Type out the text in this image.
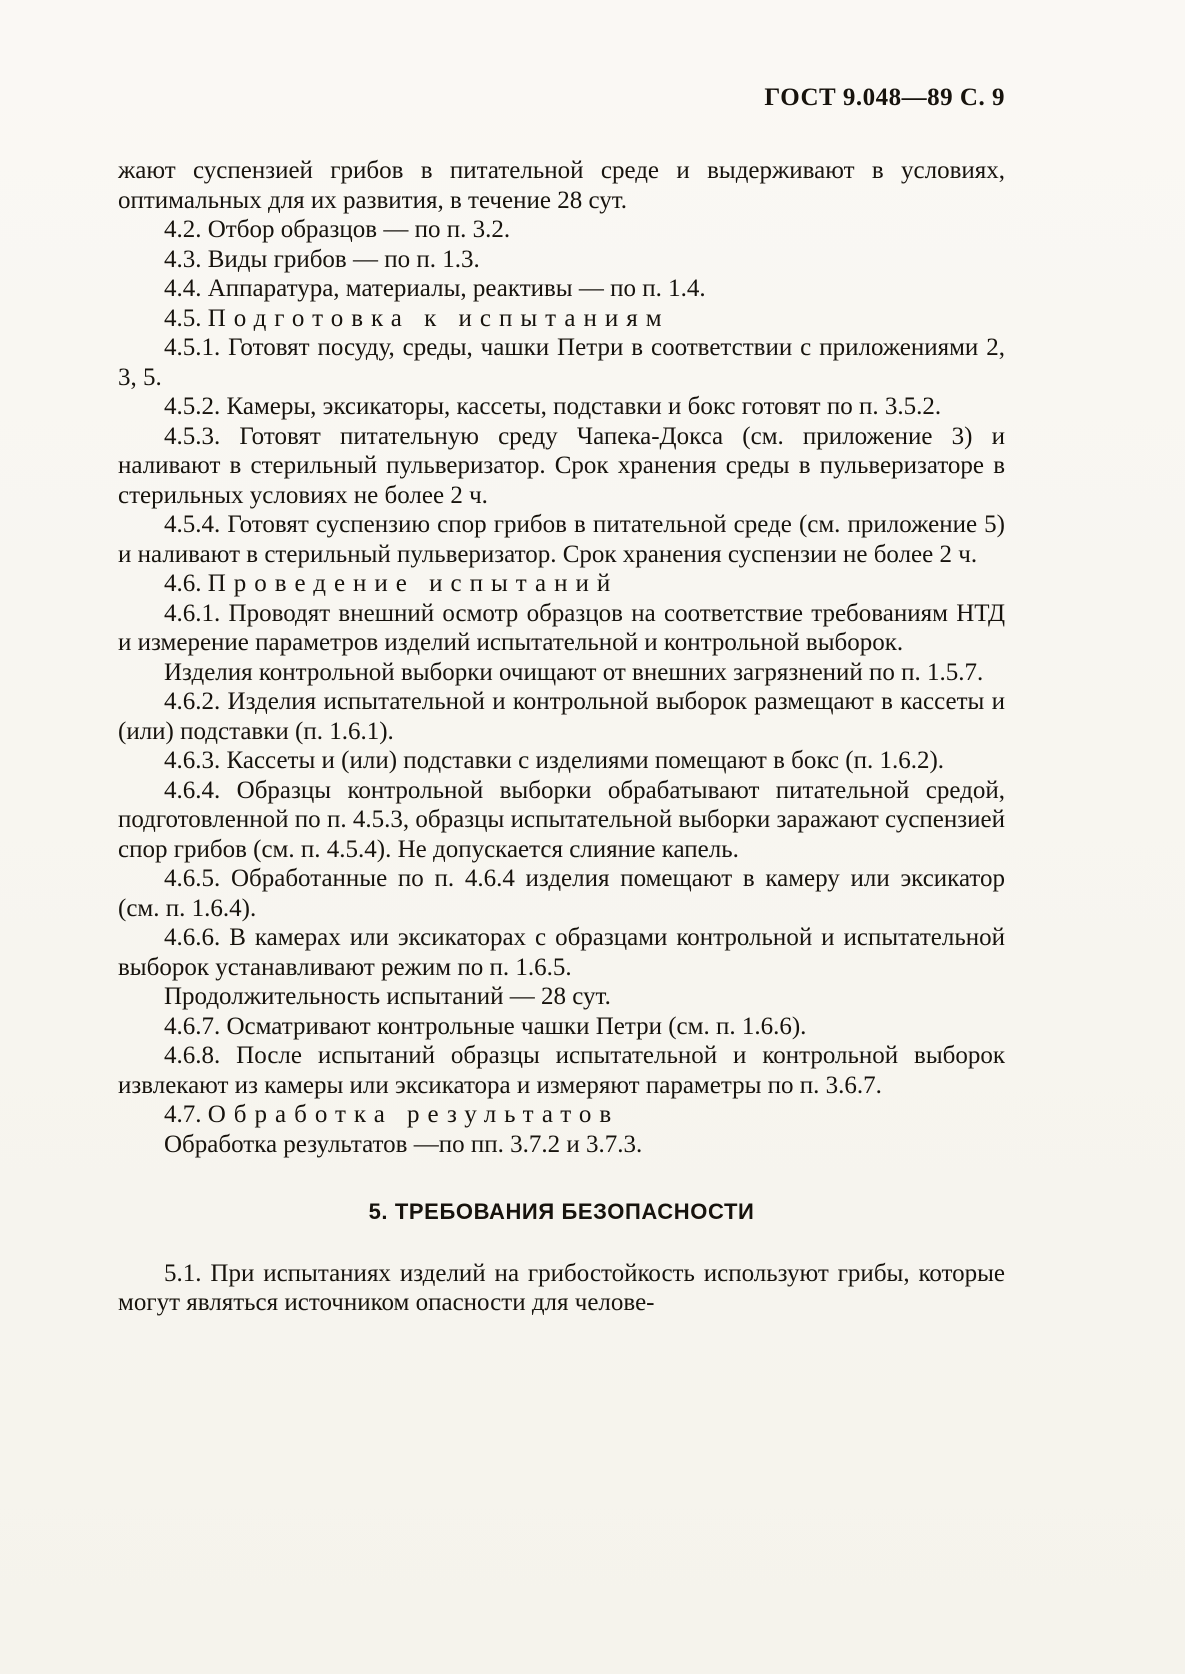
ГОСТ 9.048—89 С. 9

жают суспензией грибов в питательной среде и выдерживают в условиях, оптимальных для их развития, в течение 28 сут.

4.2. Отбор образцов — по п. 3.2.

4.3. Виды грибов — по п. 1.3.

4.4. Аппаратура, материалы, реактивы — по п. 1.4.

4.5. Подготовка к испытаниям

4.5.1. Готовят посуду, среды, чашки Петри в соответствии с приложениями 2, 3, 5.

4.5.2. Камеры, эксикаторы, кассеты, подставки и бокс готовят по п. 3.5.2.

4.5.3. Готовят питательную среду Чапека-Докса (см. приложение 3) и наливают в стерильный пульверизатор. Срок хранения среды в пульверизаторе в стерильных условиях не более 2 ч.

4.5.4. Готовят суспензию спор грибов в питательной среде (см. приложение 5) и наливают в стерильный пульверизатор. Срок хранения суспензии не более 2 ч.

4.6. Проведение испытаний

4.6.1. Проводят внешний осмотр образцов на соответствие требованиям НТД и измерение параметров изделий испытательной и контрольной выборок.

Изделия контрольной выборки очищают от внешних загрязнений по п. 1.5.7.

4.6.2. Изделия испытательной и контрольной выборок размещают в кассеты и (или) подставки (п. 1.6.1).

4.6.3. Кассеты и (или) подставки с изделиями помещают в бокс (п. 1.6.2).

4.6.4. Образцы контрольной выборки обрабатывают питательной средой, подготовленной по п. 4.5.3, образцы испытательной выборки заражают суспензией спор грибов (см. п. 4.5.4). Не допускается слияние капель.

4.6.5. Обработанные по п. 4.6.4 изделия помещают в камеру или эксикатор (см. п. 1.6.4).

4.6.6. В камерах или эксикаторах с образцами контрольной и испытательной выборок устанавливают режим по п. 1.6.5.

Продолжительность испытаний — 28 сут.

4.6.7. Осматривают контрольные чашки Петри (см. п. 1.6.6).

4.6.8. После испытаний образцы испытательной и контрольной выборок извлекают из камеры или эксикатора и измеряют параметры по п. 3.6.7.

4.7. Обработка результатов

Обработка результатов —по пп. 3.7.2 и 3.7.3.

5. ТРЕБОВАНИЯ БЕЗОПАСНОСТИ

5.1. При испытаниях изделий на грибостойкость используют грибы, которые могут являться источником опасности для челове-
